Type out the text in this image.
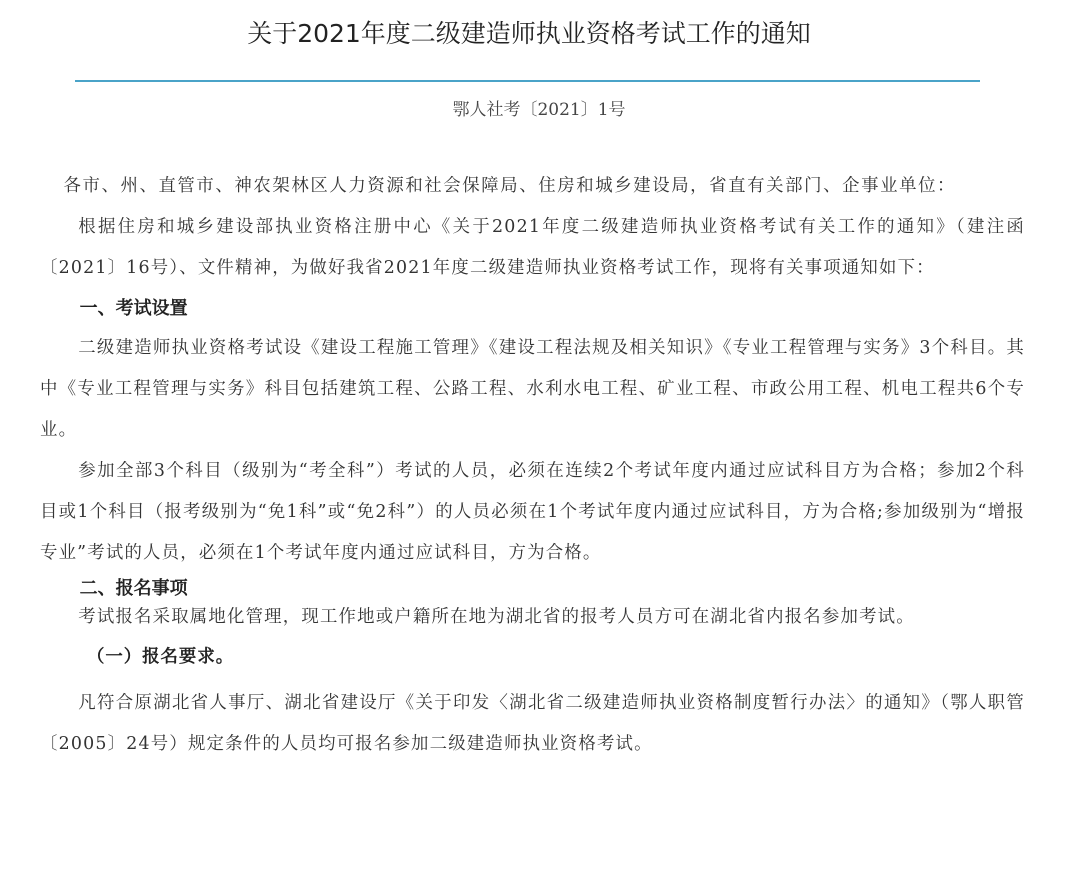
关于2021年度二级建造师执业资格考试工作的通知
鄂人社考〔2021〕1号

各市、州、直管市、神农架林区人力资源和社会保障局、住房和城乡建设局，省直有关部门、企事业单位：

根据住房和城乡建设部执业资格注册中心《关于2021年度二级建造师执业资格考试有关工作的通知》（建注函〔2021〕16号）、文件精神，为做好我省2021年度二级建造师执业资格考试工作，现将有关事项通知如下：

一、考试设置

二级建造师执业资格考试设《建设工程施工管理》《建设工程法规及相关知识》《专业工程管理与实务》3个科目。其中《专业工程管理与实务》科目包括建筑工程、公路工程、水利水电工程、矿业工程、市政公用工程、机电工程共6个专业。

参加全部3个科目（级别为“考全科”）考试的人员，必须在连续2个考试年度内通过应试科目方为合格；参加2个科目或1个科目（报考级别为“免1科”或“免2科”）的人员必须在1个考试年度内通过应试科目，方为合格;参加级别为“增报专业”考试的人员，必须在1个考试年度内通过应试科目，方为合格。

二、报名事项

考试报名采取属地化管理，现工作地或户籍所在地为湖北省的报考人员方可在湖北省内报名参加考试。

（一）报名要求。

凡符合原湖北省人事厅、湖北省建设厅《关于印发〈湖北省二级建造师执业资格制度暂行办法〉的通知》（鄂人职管〔2005〕24号）规定条件的人员均可报名参加二级建造师执业资格考试。
